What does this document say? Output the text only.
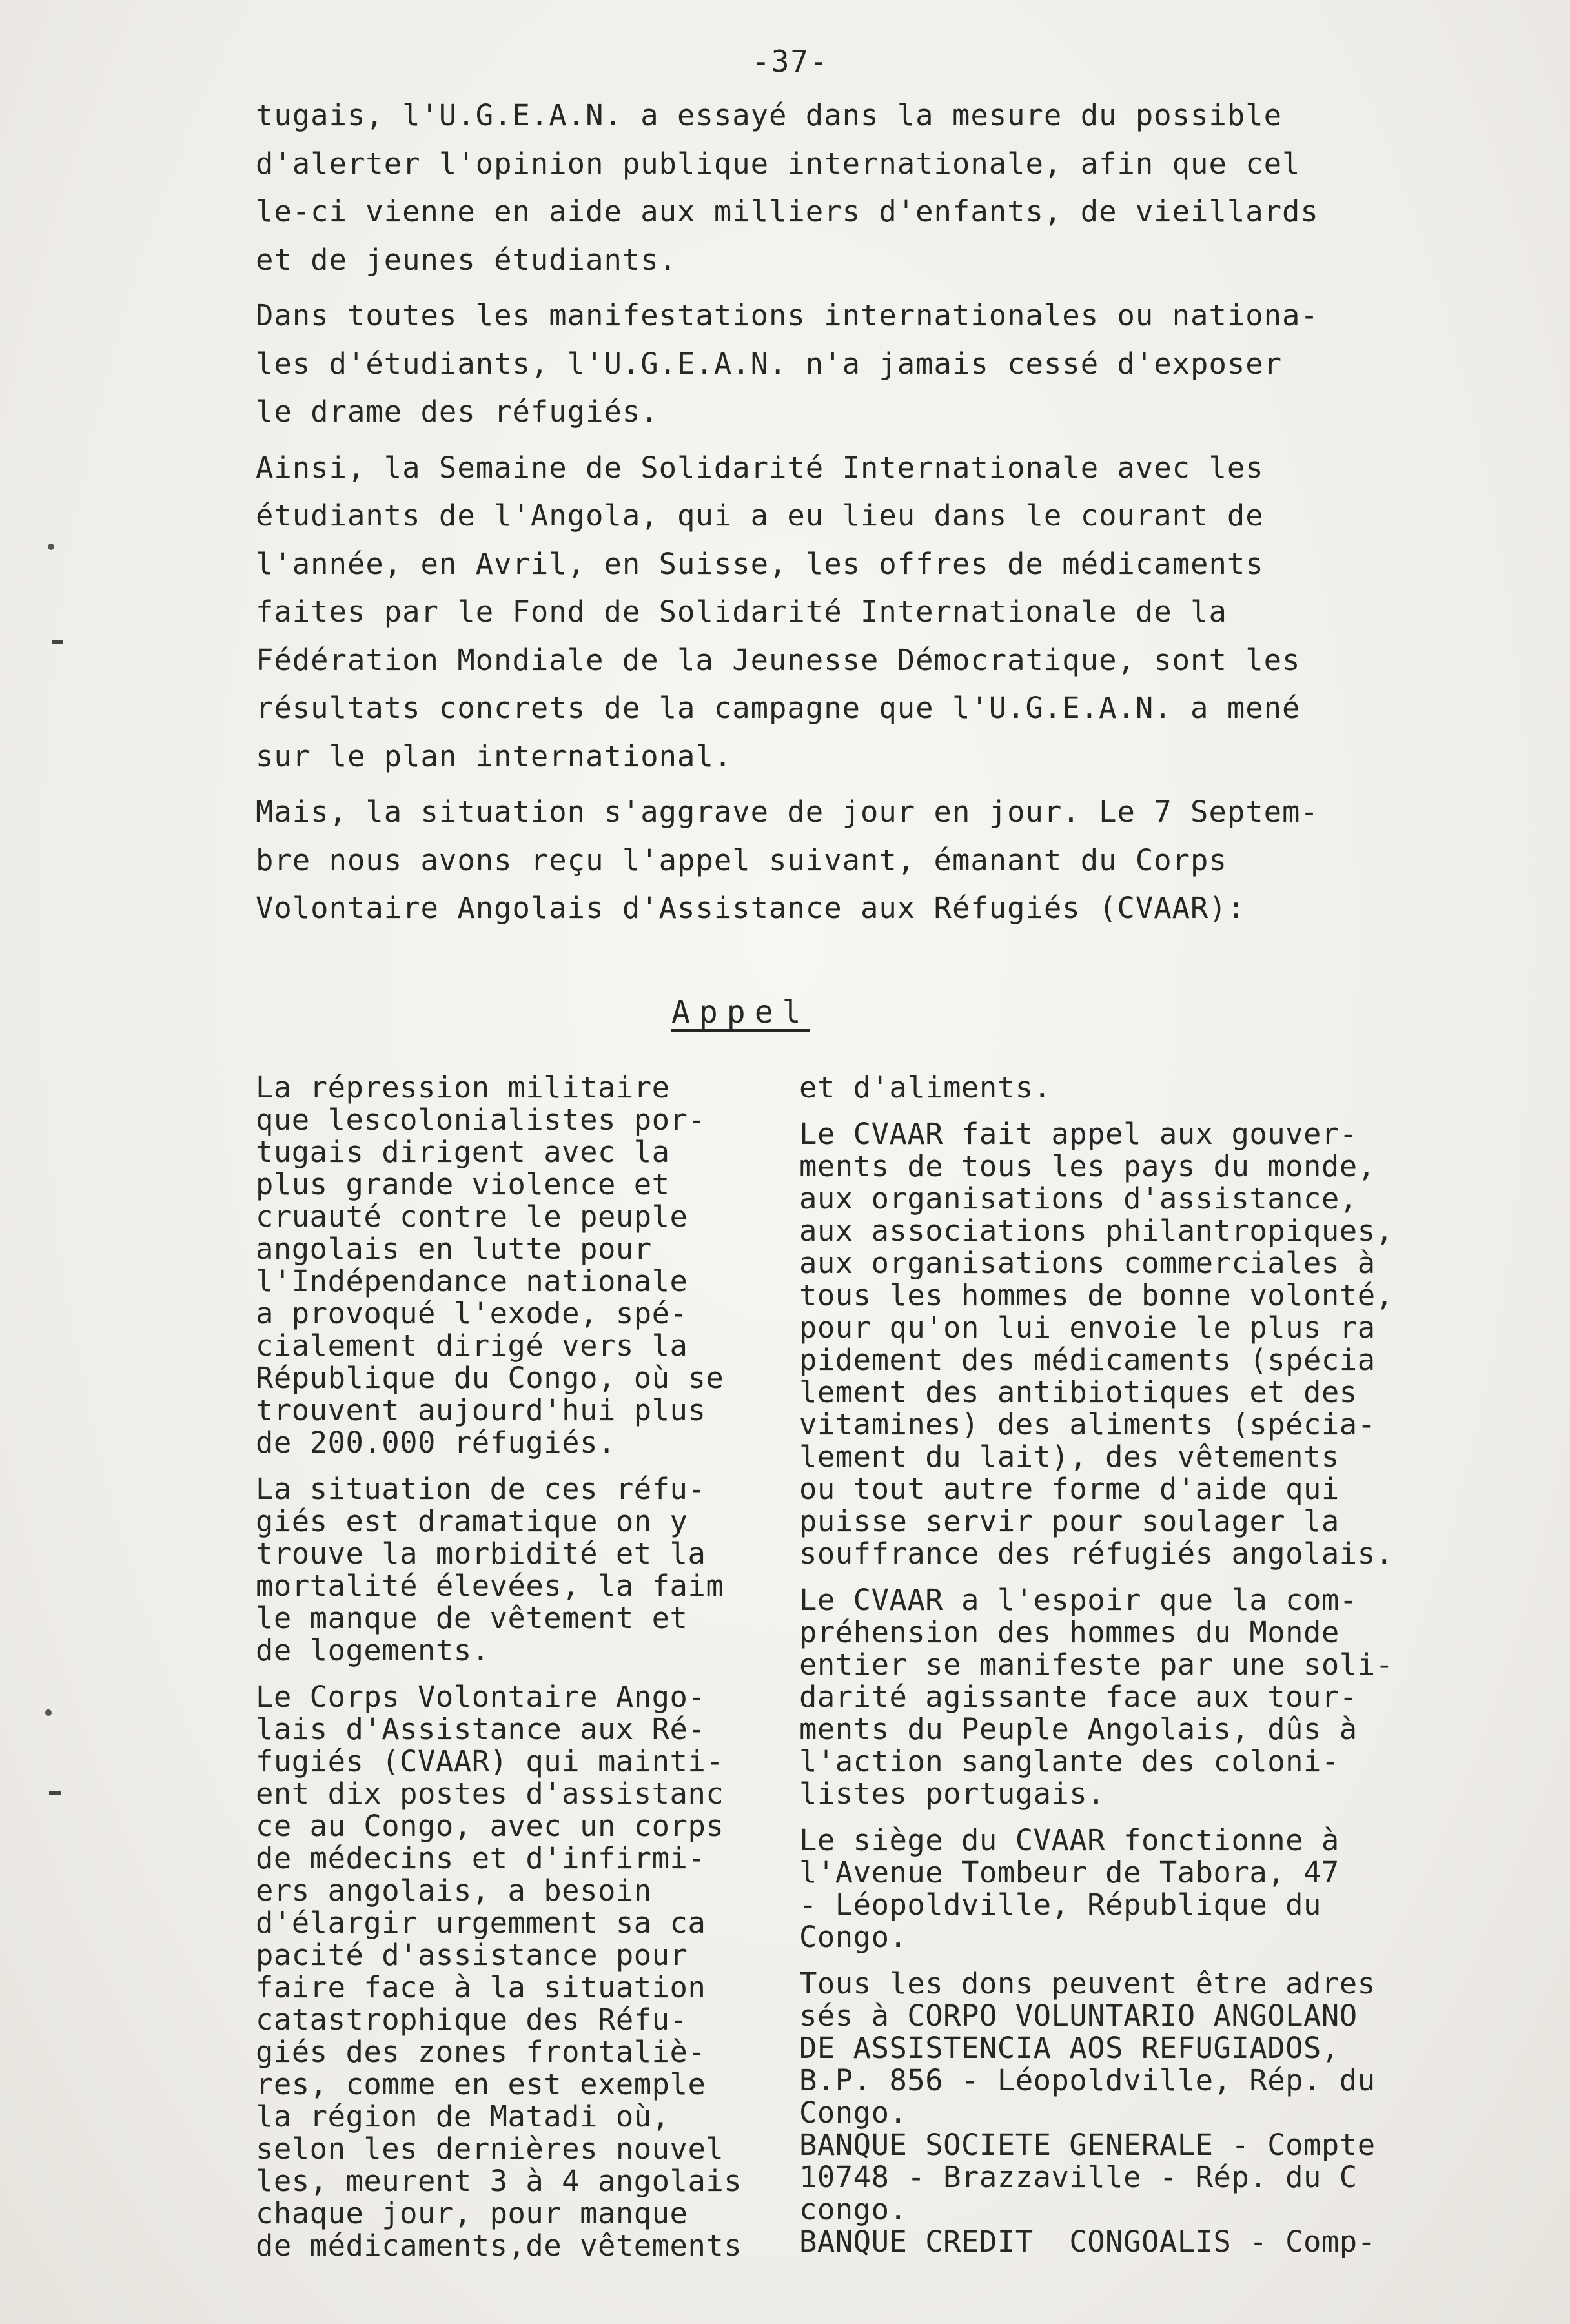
-37-

tugais, l'U.G.E.A.N. a essayé dans la mesure du possible
d'alerter l'opinion publique internationale, afin que cel
le-ci vienne en aide aux milliers d'enfants, de vieillards
et de jeunes étudiants.

Dans toutes les manifestations internationales ou nationa-
les d'étudiants, l'U.G.E.A.N. n'a jamais cessé d'exposer
le drame des réfugiés.

Ainsi, la Semaine de Solidarité Internationale avec les
étudiants de l'Angola, qui a eu lieu dans le courant de
l'année, en Avril, en Suisse, les offres de médicaments
faites par le Fond de Solidarité Internationale de la
Fédération Mondiale de la Jeunesse Démocratique, sont les
résultats concrets de la campagne que l'U.G.E.A.N. a mené
sur le plan international.

Mais, la situation s'aggrave de jour en jour. Le 7 Septem-
bre nous avons reçu l'appel suivant, émanant du Corps
Volontaire Angolais d'Assistance aux Réfugiés (CVAAR):

Appel

La répression militaire
que lescolonialistes por-
tugais dirigent avec la
plus grande violence et
cruauté contre le peuple
angolais en lutte pour
l'Indépendance nationale
a provoqué l'exode, spé-
cialement dirigé vers la
République du Congo, où se
trouvent aujourd'hui plus
de 200.000 réfugiés.

La situation de ces réfu-
giés est dramatique on y
trouve la morbidité et la
mortalité élevées, la faim
le manque de vêtement et
de logements.

Le Corps Volontaire Ango-
lais d'Assistance aux Ré-
fugiés (CVAAR) qui mainti-
ent dix postes d'assistanc
ce au Congo, avec un corps
de médecins et d'infirmi-
ers angolais, a besoin
d'élargir urgemment sa ca
pacité d'assistance pour
faire face à la situation
catastrophique des Réfu-
giés des zones frontaliè-
res, comme en est exemple
la région de Matadi où,
selon les dernières nouvel
les, meurent 3 à 4 angolais
chaque jour, pour manque
de médicaments,de vêtements

et d'aliments.

Le CVAAR fait appel aux gouver-
ments de tous les pays du monde,
aux organisations d'assistance,
aux associations philantropiques,
aux organisations commerciales à
tous les hommes de bonne volonté,
pour qu'on lui envoie le plus ra
pidement des médicaments (spécia
lement des antibiotiques et des
vitamines) des aliments (spécia-
lement du lait), des vêtements
ou tout autre forme d'aide qui
puisse servir pour soulager la
souffrance des réfugiés angolais.

Le CVAAR a l'espoir que la com-
préhension des hommes du Monde
entier se manifeste par une soli-
darité agissante face aux tour-
ments du Peuple Angolais, dûs à
l'action sanglante des coloni-
listes portugais.

Le siège du CVAAR fonctionne à
l'Avenue Tombeur de Tabora, 47
- Léopoldville, République du
Congo.

Tous les dons peuvent être adres
sés à CORPO VOLUNTARIO ANGOLANO
DE ASSISTENCIA AOS REFUGIADOS,
B.P. 856 - Léopoldville, Rép. du
Congo.
BANQUE SOCIETE GENERALE - Compte
10748 - Brazzaville - Rép. du C
congo.
BANQUE CREDIT  CONGOALIS - Comp-
